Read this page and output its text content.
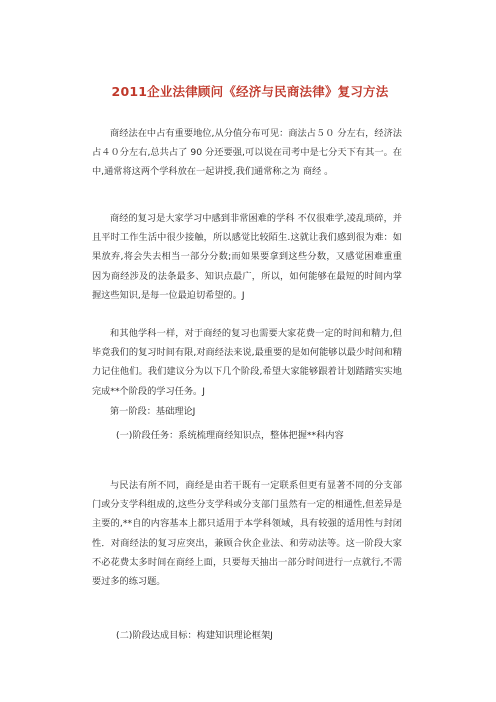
2011企业法律顾问《经济与民商法律》复习方法

商经法在中占有重要地位,从分值分布可见：商法占５０ 分左右，经济法占４０分左右,总共占了 90 分还要强,可以说在司考中是七分天下有其一。在中,通常将这两个学科放在一起讲授,我们通常称之为 商经 。

商经的复习是大家学习中感到非常困难的学科 不仅很难学,凌乱琐碎，并且平时工作生活中很少接触，所以感觉比较陌生.这就让我们感到很为难：如果放弃,将会失去相当一部分分数;而如果要拿到这些分数，又感觉困难重重 因为商经涉及的法条最多、知识点最广，所以，如何能够在最短的时间内掌握这些知识,是每一位最迫切希望的。J

和其他学科一样，对于商经的复习也需要大家花费一定的时间和精力,但毕竟我们的复习时间有限,对商经法来说,最重要的是如何能够以最少时间和精力记住他们。我们建议分为以下几个阶段,希望大家能够跟着计划踏踏实实地完成**个阶段的学习任务。J

第一阶段：基础理论J
(一)阶段任务：系统梳理商经知识点，整体把握**科内容

与民法有所不同，商经是由若干既有一定联系但更有显著不同的分支部门或分支学科组成的,这些分支学科或分支部门虽然有一定的相通性,但差异是主要的,**自的内容基本上都只适用于本学科领域，具有较强的适用性与封闭性．对商经法的复习应突出，兼顾合伙企业法、和劳动法等。这一阶段大家不必花费太多时间在商经上面，只要每天抽出一部分时间进行一点就行,不需要过多的练习题。

(二)阶段达成目标：构建知识理论框架J
